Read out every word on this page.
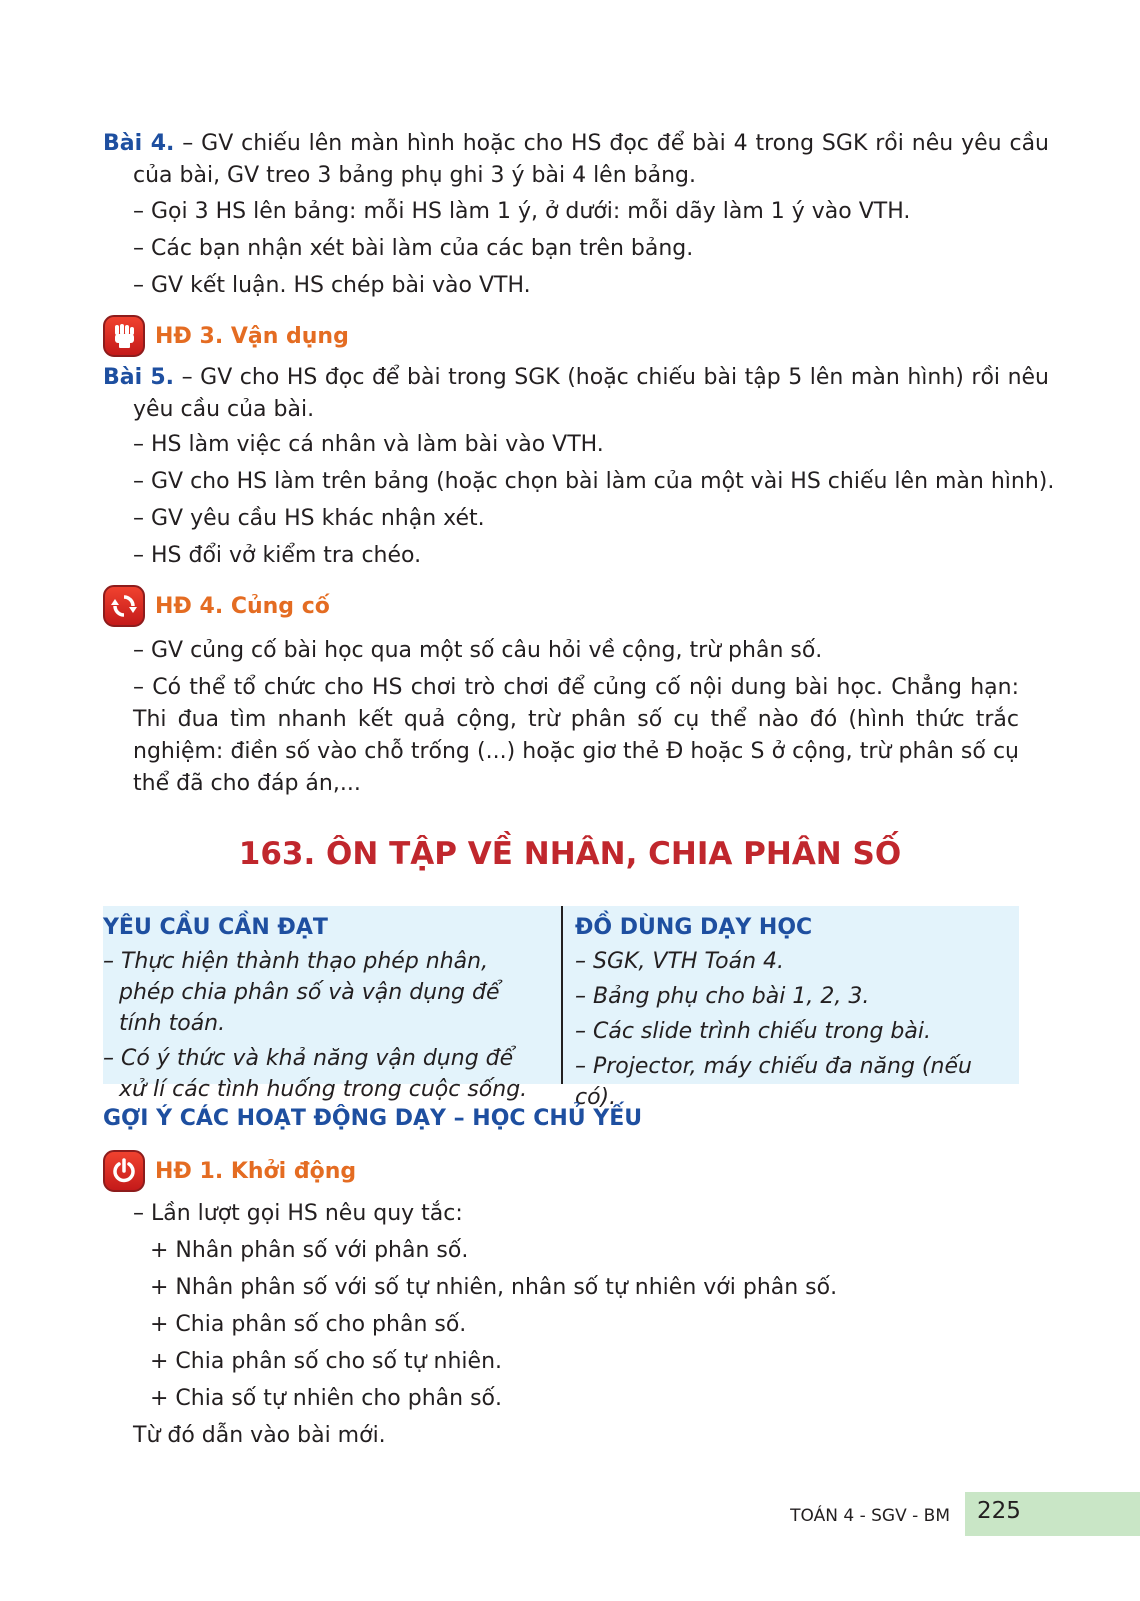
Bài 4. – GV chiếu lên màn hình hoặc cho HS đọc để bài 4 trong SGK rồi nêu yêu cầu của bài, GV treo 3 bảng phụ ghi 3 ý bài 4 lên bảng.
– Gọi 3 HS lên bảng: mỗi HS làm 1 ý, ở dưới: mỗi dãy làm 1 ý vào VTH.
– Các bạn nhận xét bài làm của các bạn trên bảng.
– GV kết luận. HS chép bài vào VTH.
HĐ 3. Vận dụng
Bài 5. – GV cho HS đọc để bài trong SGK (hoặc chiếu bài tập 5 lên màn hình) rồi nêu yêu cầu của bài.
– HS làm việc cá nhân và làm bài vào VTH.
– GV cho HS làm trên bảng (hoặc chọn bài làm của một vài HS chiếu lên màn hình).
– GV yêu cầu HS khác nhận xét.
– HS đổi vở kiểm tra chéo.
HĐ 4. Củng cố
– GV củng cố bài học qua một số câu hỏi về cộng, trừ phân số.
– Có thể tổ chức cho HS chơi trò chơi để củng cố nội dung bài học. Chẳng hạn: Thi đua tìm nhanh kết quả cộng, trừ phân số cụ thể nào đó (hình thức trắc nghiệm: điền số vào chỗ trống (...) hoặc giơ thẻ Đ hoặc S ở cộng, trừ phân số cụ thể đã cho đáp án,...
163. ÔN TẬP VỀ NHÂN, CHIA PHÂN SỐ
YÊU CẦU CẦN ĐẠT
– Thực hiện thành thạo phép nhân, phép chia phân số và vận dụng để tính toán.
– Có ý thức và khả năng vận dụng để xử lí các tình huống trong cuộc sống.
ĐỒ DÙNG DẠY HỌC
– SGK, VTH Toán 4.
– Bảng phụ cho bài 1, 2, 3.
– Các slide trình chiếu trong bài.
– Projector, máy chiếu đa năng (nếu có).
GỢI Ý CÁC HOẠT ĐỘNG DẠY – HỌC CHỦ YẾU
HĐ 1. Khởi động
– Lần lượt gọi HS nêu quy tắc:
+ Nhân phân số với phân số.
+ Nhân phân số với số tự nhiên, nhân số tự nhiên với phân số.
+ Chia phân số cho phân số.
+ Chia phân số cho số tự nhiên.
+ Chia số tự nhiên cho phân số.
Từ đó dẫn vào bài mới.
TOÁN 4 - SGV - BM 225
